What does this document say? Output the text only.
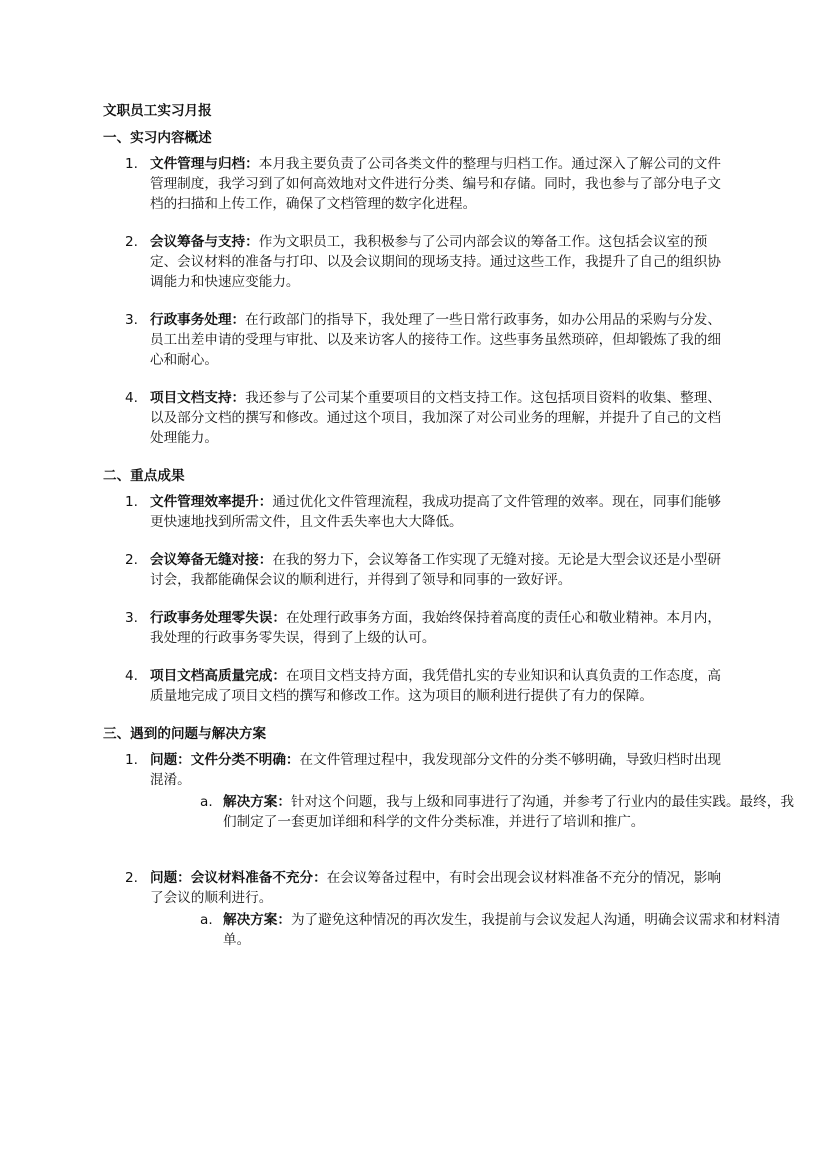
文职员工实习月报

一、实习内容概述

1. 文件管理与归档：本月我主要负责了公司各类文件的整理与归档工作。通过深入了解公司的文件管理制度，我学习到了如何高效地对文件进行分类、编号和存储。同时，我也参与了部分电子文档的扫描和上传工作，确保了文档管理的数字化进程。
2. 会议筹备与支持：作为文职员工，我积极参与了公司内部会议的筹备工作。这包括会议室的预定、会议材料的准备与打印、以及会议期间的现场支持。通过这些工作，我提升了自己的组织协调能力和快速应变能力。
3. 行政事务处理：在行政部门的指导下，我处理了一些日常行政事务，如办公用品的采购与分发、员工出差申请的受理与审批、以及来访客人的接待工作。这些事务虽然琐碎，但却锻炼了我的细心和耐心。
4. 项目文档支持：我还参与了公司某个重要项目的文档支持工作。这包括项目资料的收集、整理、以及部分文档的撰写和修改。通过这个项目，我加深了对公司业务的理解，并提升了自己的文档处理能力。

二、重点成果

1. 文件管理效率提升：通过优化文件管理流程，我成功提高了文件管理的效率。现在，同事们能够更快速地找到所需文件，且文件丢失率也大大降低。
2. 会议筹备无缝对接：在我的努力下，会议筹备工作实现了无缝对接。无论是大型会议还是小型研讨会，我都能确保会议的顺利进行，并得到了领导和同事的一致好评。
3. 行政事务处理零失误：在处理行政事务方面，我始终保持着高度的责任心和敬业精神。本月内，我处理的行政事务零失误，得到了上级的认可。
4. 项目文档高质量完成：在项目文档支持方面，我凭借扎实的专业知识和认真负责的工作态度，高质量地完成了项目文档的撰写和修改工作。这为项目的顺利进行提供了有力的保障。

三、遇到的问题与解决方案

1. 问题：文件分类不明确：在文件管理过程中，我发现部分文件的分类不够明确，导致归档时出现混淆。
a. 解决方案：针对这个问题，我与上级和同事进行了沟通，并参考了行业内的最佳实践。最终，我们制定了一套更加详细和科学的文件分类标准，并进行了培训和推广。
2. 问题：会议材料准备不充分：在会议筹备过程中，有时会出现会议材料准备不充分的情况，影响了会议的顺利进行。
a. 解决方案：为了避免这种情况的再次发生，我提前与会议发起人沟通，明确会议需求和材料清单。
